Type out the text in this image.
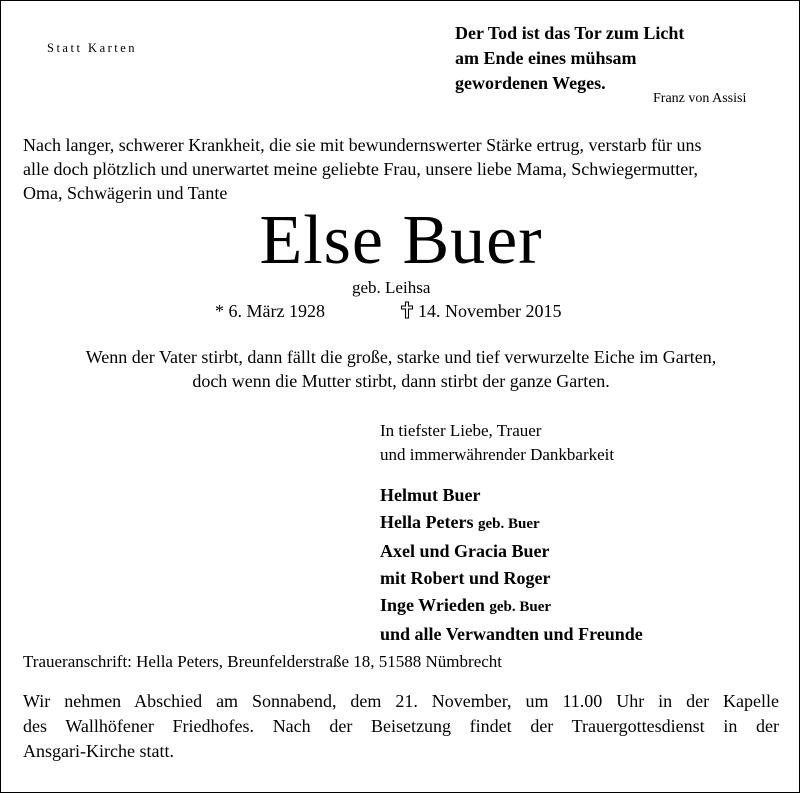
Statt Karten
Der Tod ist das Tor zum Licht
am Ende eines mühsam
gewordenen Weges.
Franz von Assisi
Nach langer, schwerer Krankheit, die sie mit bewundernswerter Stärke ertrug, verstarb für uns
alle doch plötzlich und unerwartet meine geliebte Frau, unsere liebe Mama, Schwiegermutter,
Oma, Schwägerin und Tante
Else Buer
geb. Leihsa
* 6. März 1928	14. November 2015
Wenn der Vater stirbt, dann fällt die große, starke und tief verwurzelte Eiche im Garten,
doch wenn die Mutter stirbt, dann stirbt der ganze Garten.
In tiefster Liebe, Trauer
und immerwährender Dankbarkeit
Helmut Buer
Hella Peters geb. Buer
Axel und Gracia Buer
mit Robert und Roger
Inge Wrieden geb. Buer
und alle Verwandten und Freunde
Traueranschrift: Hella Peters, Breunfelderstraße 18, 51588 Nümbrecht
Wir nehmen Abschied am Sonnabend, dem 21. November, um 11.00 Uhr in der Kapelle
des Wallhöfener Friedhofes. Nach der Beisetzung findet der Trauergottesdienst in der
Ansgari-Kirche statt.
